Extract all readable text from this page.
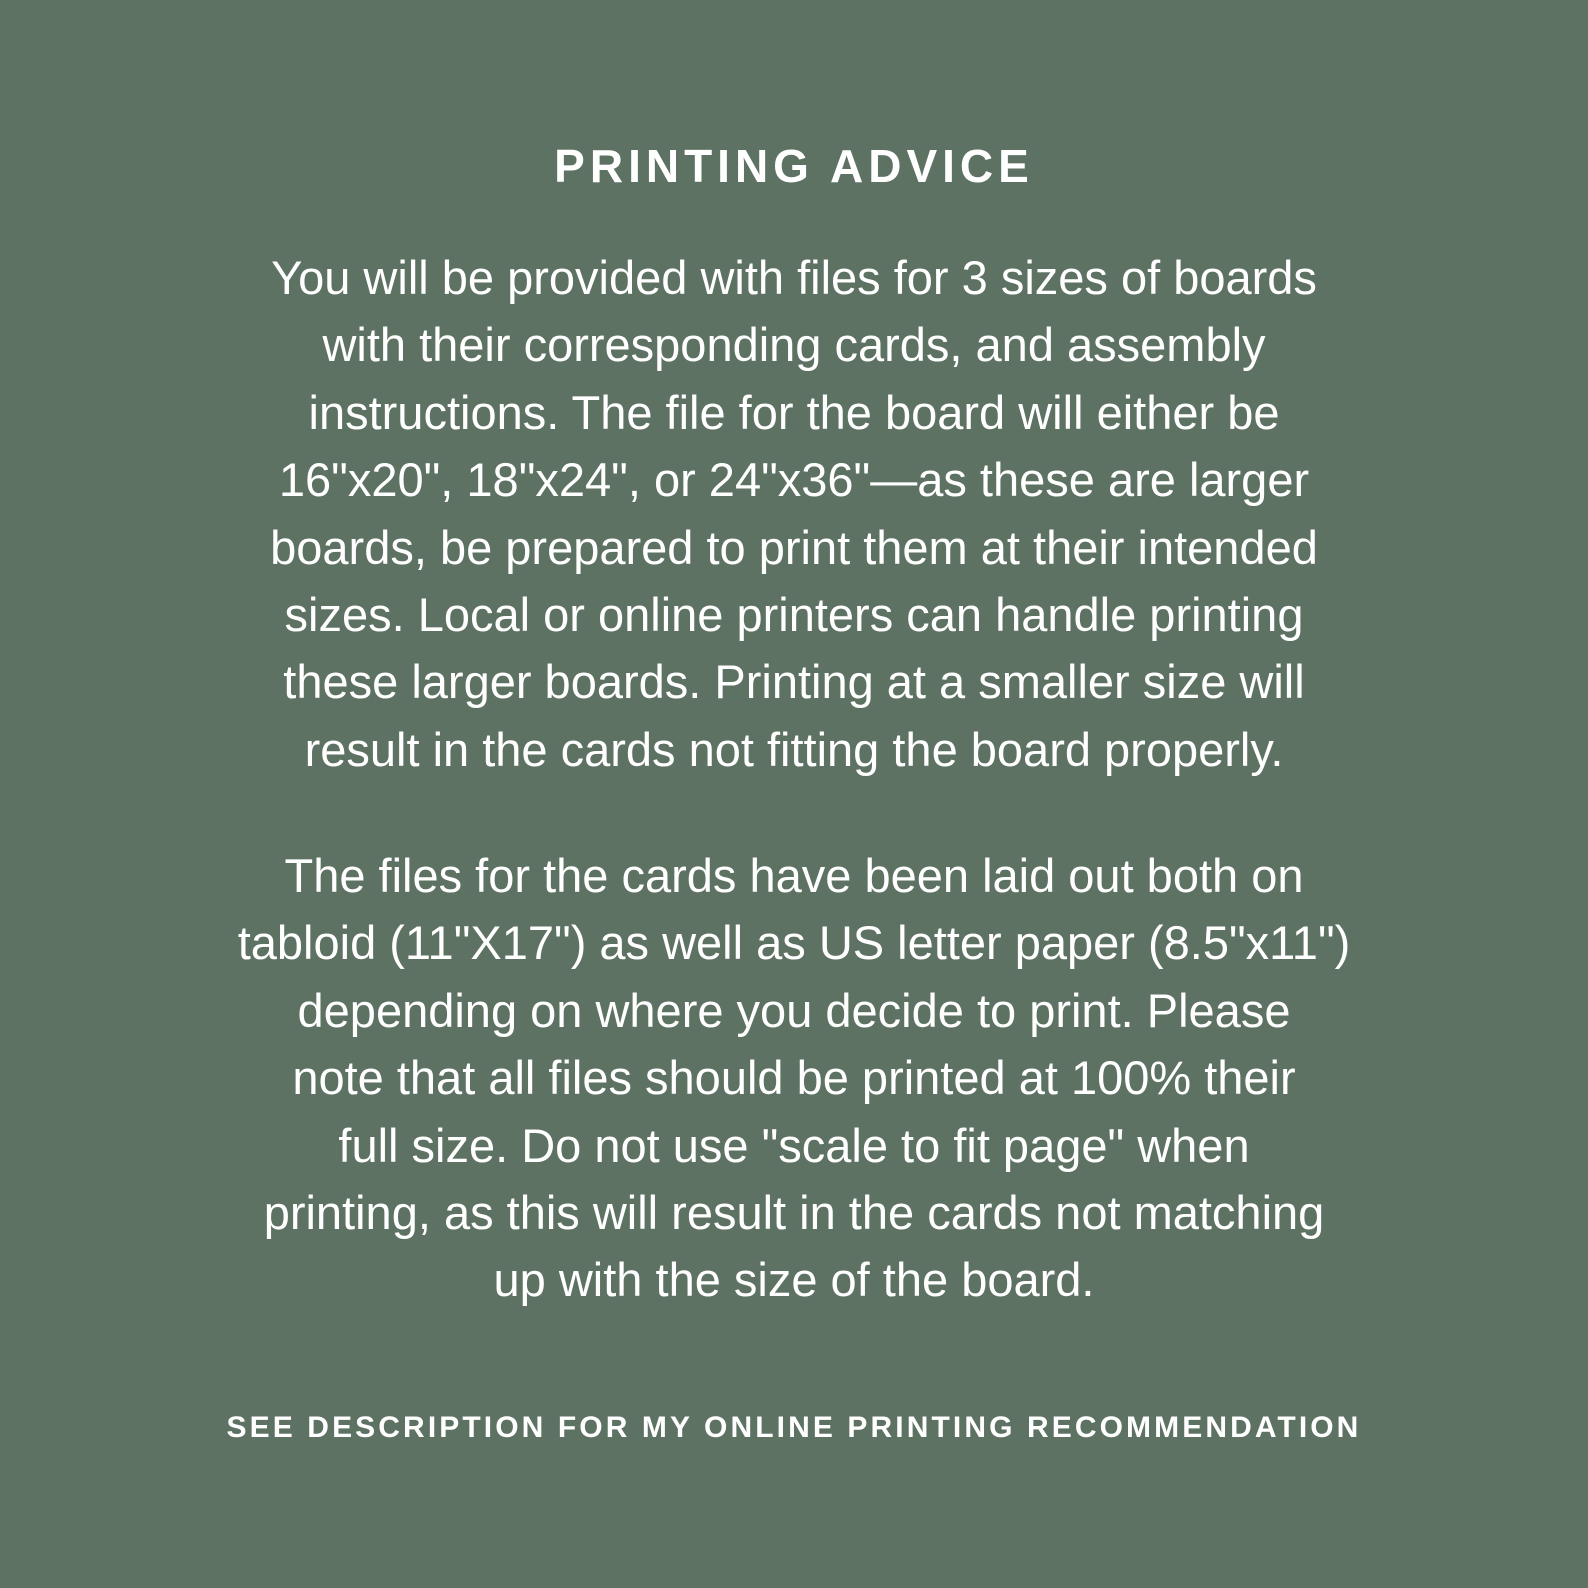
PRINTING ADVICE
You will be provided with files for 3 sizes of boards
with their corresponding cards, and assembly
instructions. The file for the board will either be
16"x20", 18"x24", or 24"x36"—as these are larger
boards, be prepared to print them at their intended
sizes. Local or online printers can handle printing
these larger boards. Printing at a smaller size will
result in the cards not fitting the board properly.
The files for the cards have been laid out both on
tabloid (11"X17") as well as US letter paper (8.5"x11")
depending on where you decide to print. Please
note that all files should be printed at 100% their
full size. Do not use "scale to fit page" when
printing, as this will result in the cards not matching
up with the size of the board.
SEE DESCRIPTION FOR MY ONLINE PRINTING RECOMMENDATION
